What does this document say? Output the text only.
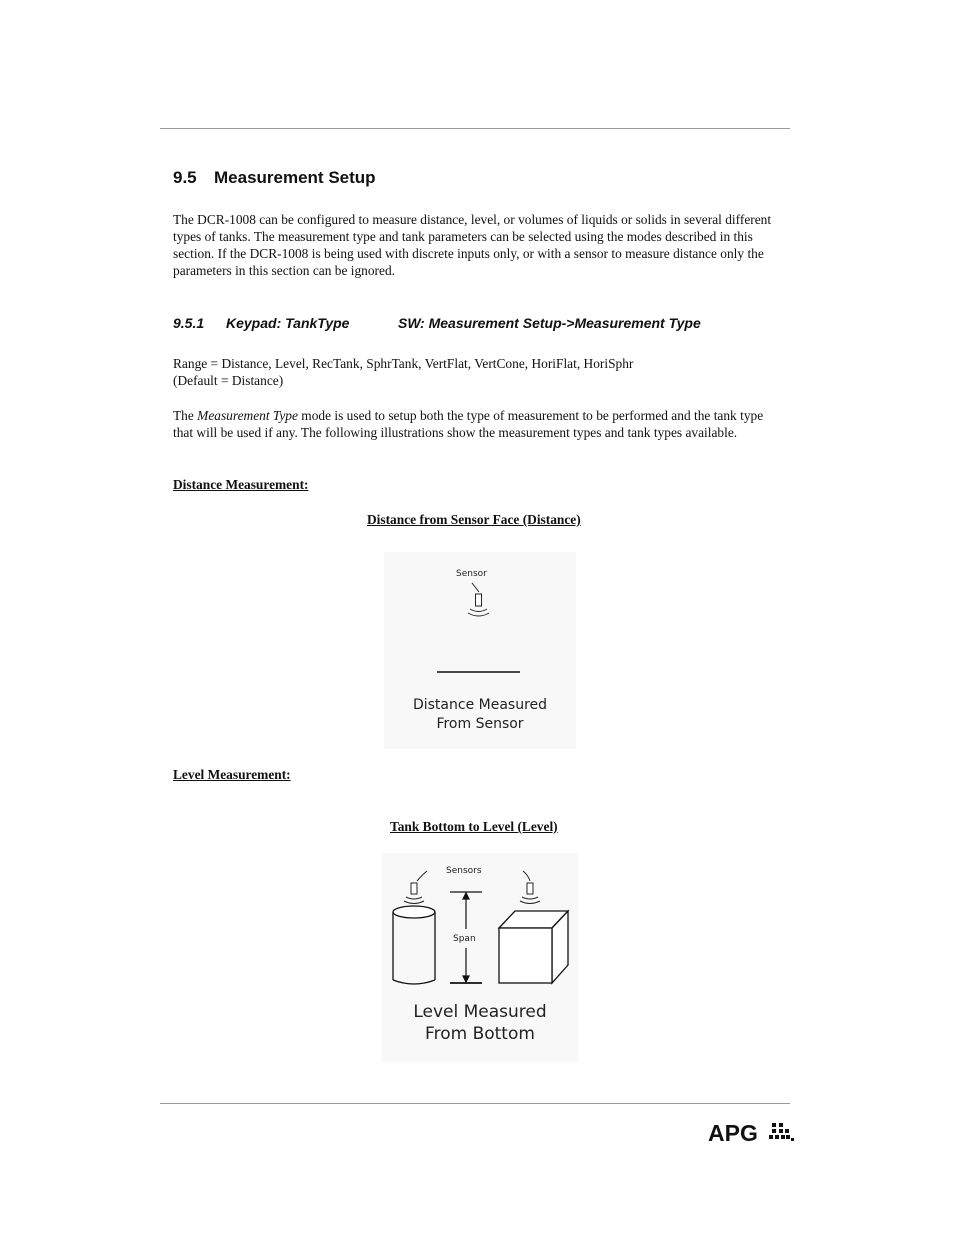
9.5 Measurement Setup

The DCR-1008 can be configured to measure distance, level, or volumes of liquids or solids in several different types of tanks. The measurement type and tank parameters can be selected using the modes described in this section. If the DCR-1008 is being used with discrete inputs only, or with a sensor to measure distance only the parameters in this section can be ignored.

9.5.1 Keypad: TankType	SW: Measurement Setup->Measurement Type
Range = Distance, Level, RecTank, SphrTank, VertFlat, VertCone, HoriFlat, HoriSphr
(Default = Distance)

The Measurement Type mode is used to setup both the type of measurement to be performed and the tank type that will be used if any. The following illustrations show the measurement types and tank types available.

Distance Measurement:
Distance from Sensor Face (Distance)
Sensor
Distance Measured
From Sensor
Level Measurement:
Tank Bottom to Level (Level)
Sensors
Span
Level Measured
From Bottom
APG
